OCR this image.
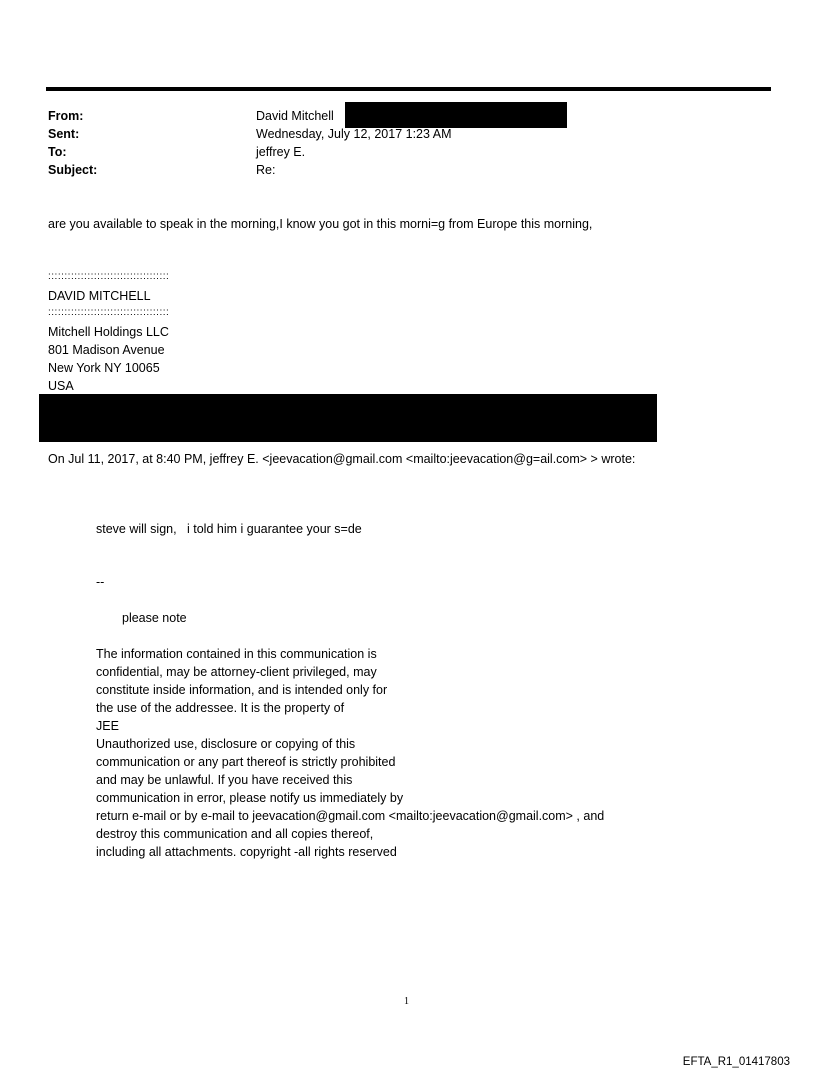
From:	David Mitchell
Sent:	Wednesday, July 12, 2017 1:23 AM
To:	jeffrey E.
Subject:	Re:
are you available to speak in the morning,I know you got in this morni=g from Europe this morning,
:::::::::::::::::::::::::::::::::::::
DAVID MITCHELL
:::::::::::::::::::::::::::::::::::::
Mitchell Holdings LLC
801 Madison Avenue
New York NY 10065
USA
On Jul 11, 2017, at 8:40 PM, jeffrey E. <jeevacation@gmail.com <mailto:jeevacation@g=ail.com> > wrote:
steve will sign,   i told him i guarantee your s=de
--
please note
The information contained in this communication is
confidential, may be attorney-client privileged, may
constitute inside information, and is intended only for
the use of the addressee. It is the property of
JEE
Unauthorized use, disclosure or copying of this
communication or any part thereof is strictly prohibited
and may be unlawful. If you have received this
communication in error, please notify us immediately by
return e-mail or by e-mail to jeevacation@gmail.com <mailto:jeevacation@gmail.com> , and
destroy this communication and all copies thereof,
including all attachments. copyright -all rights reserved
1
EFTA_R1_01417803
